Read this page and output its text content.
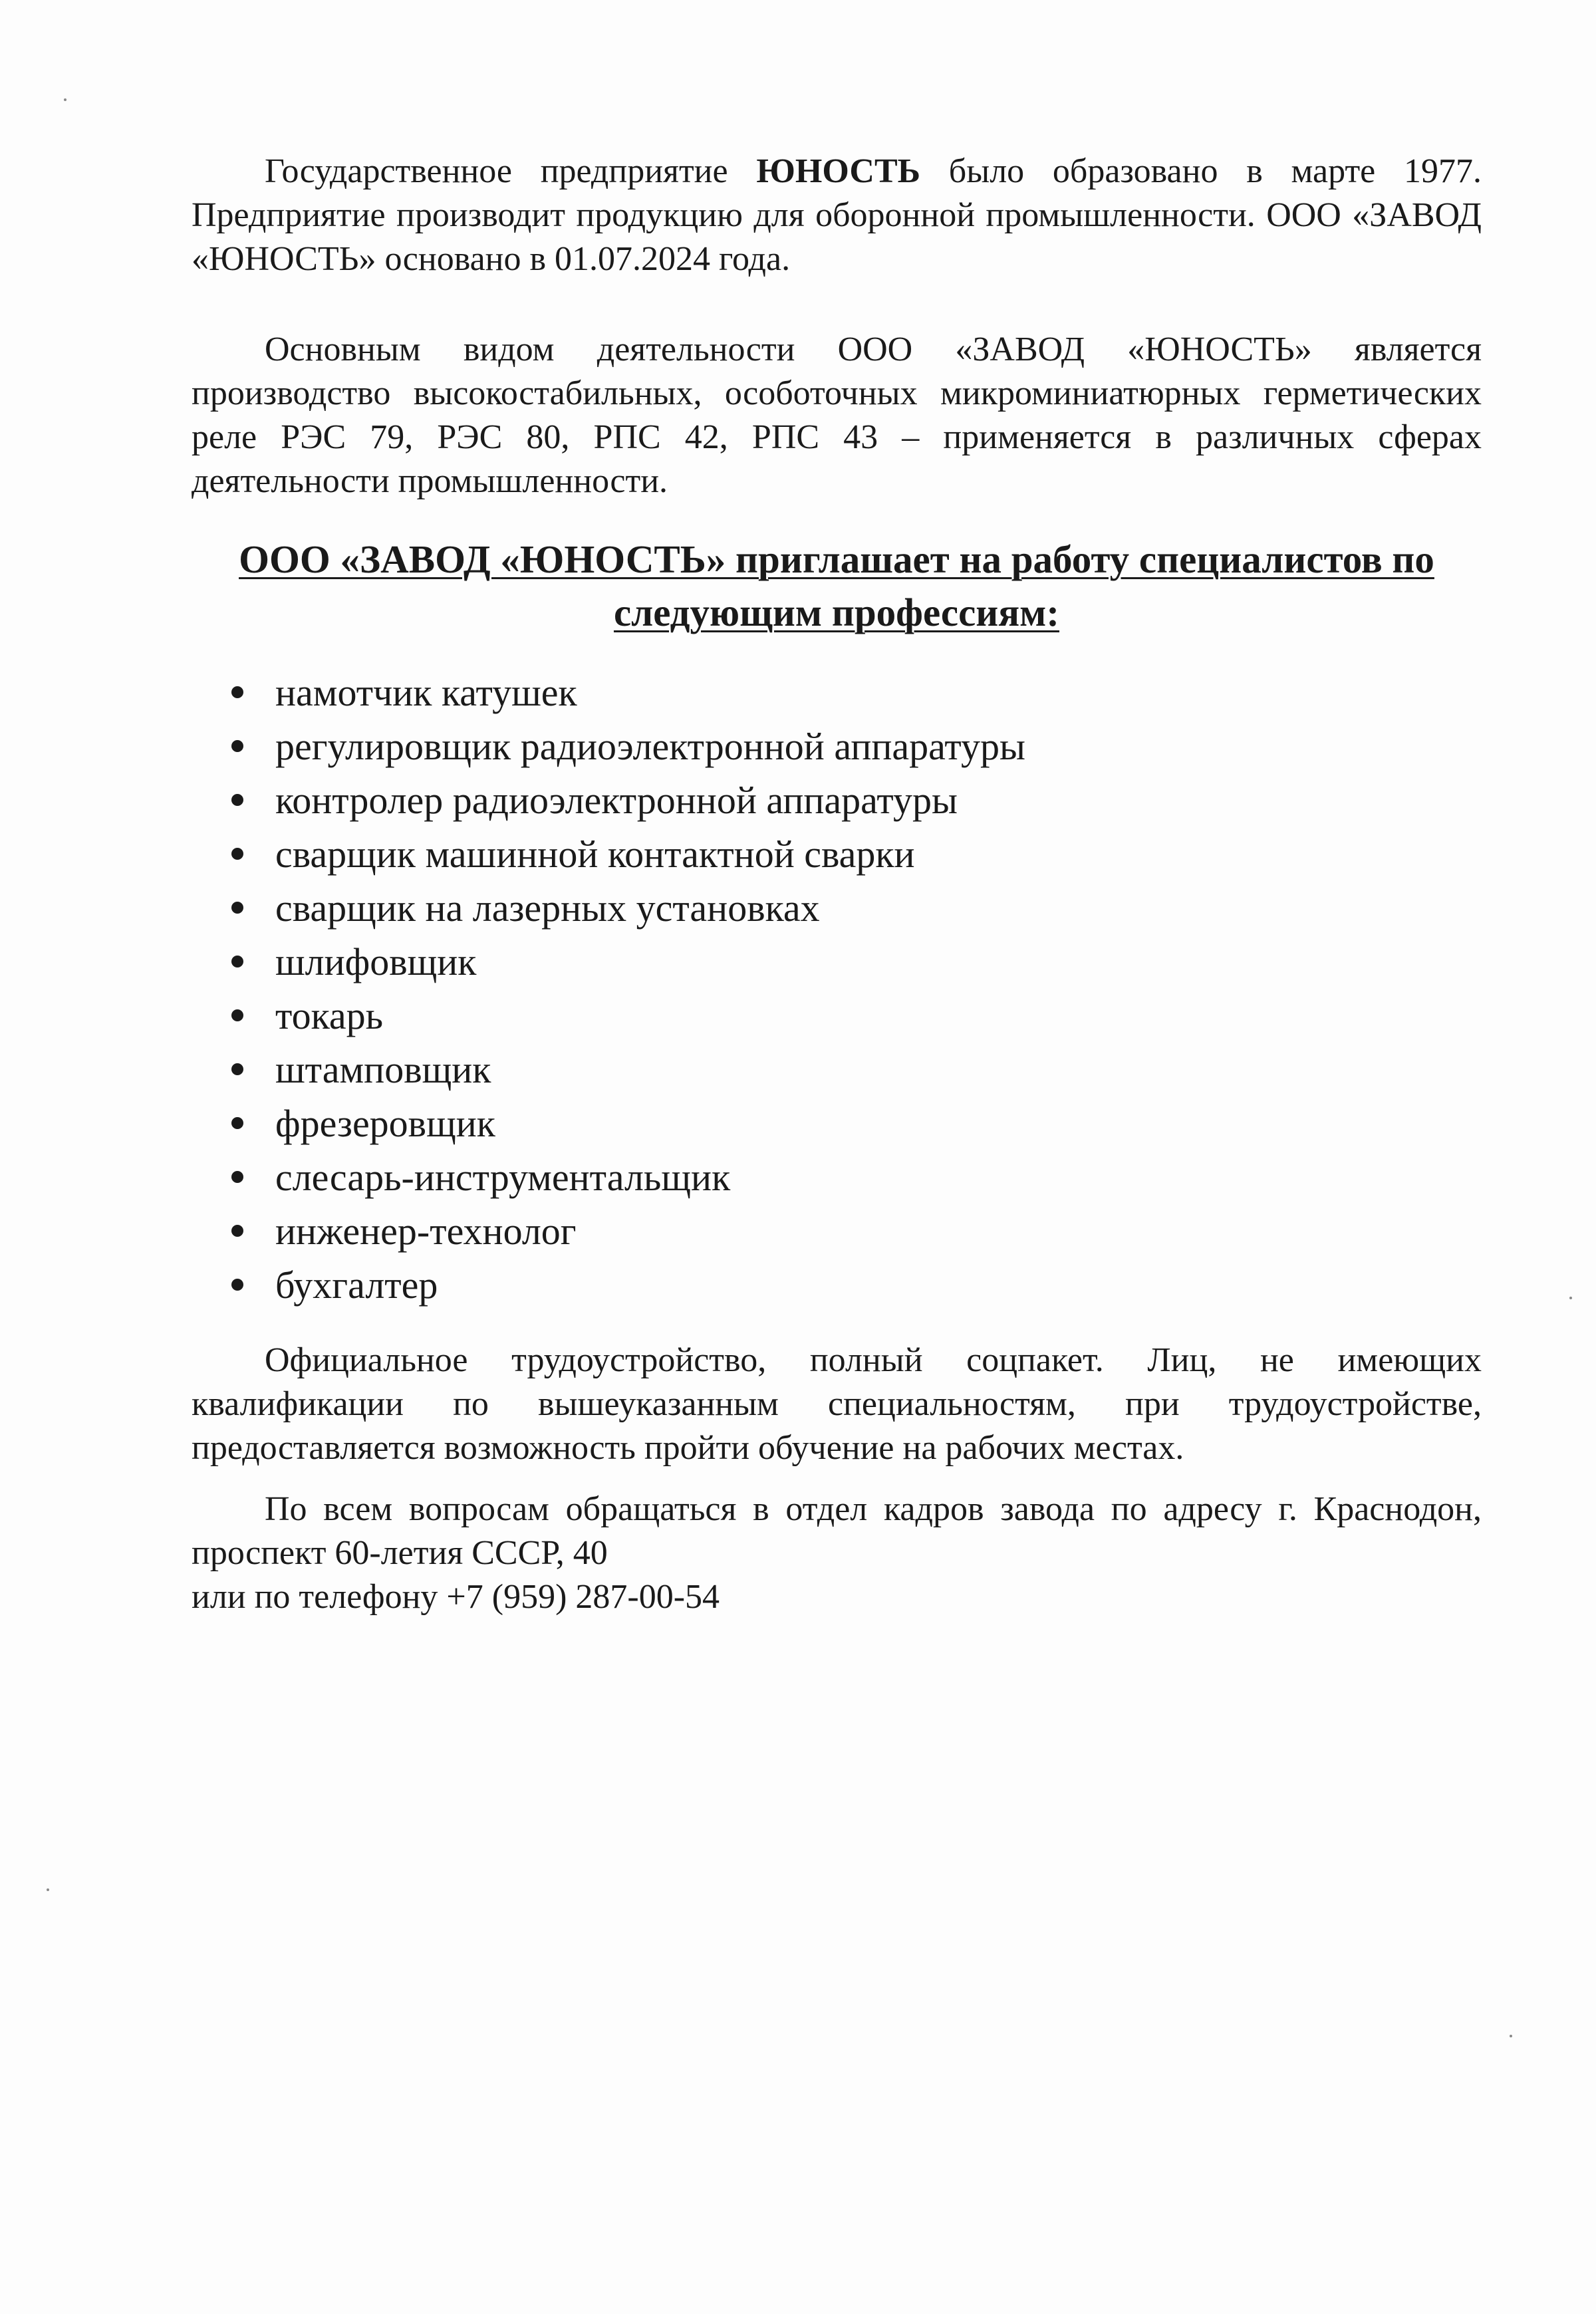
Государственное предприятие ЮНОСТЬ было образовано в марте 1977. Предприятие производит продукцию для оборонной промышленности. ООО «ЗАВОД «ЮНОСТЬ» основано в 01.07.2024 года.

Основным видом деятельности ООО «ЗАВОД «ЮНОСТЬ» является производство высокостабильных, особоточных микроминиатюрных герметических реле РЭС 79, РЭС 80, РПС 42, РПС 43 – применяется в различных сферах деятельности промышленности.

ООО «ЗАВОД «ЮНОСТЬ» приглашает на работу специалистов по следующим профессиям:
намотчик катушек
регулировщик радиоэлектронной аппаратуры
контролер радиоэлектронной аппаратуры
сварщик машинной контактной сварки
сварщик на лазерных установках
шлифовщик
токарь
штамповщик
фрезеровщик
слесарь-инструментальщик
инженер-технолог
бухгалтер

Официальное трудоустройство, полный соцпакет. Лиц, не имеющих квалификации по вышеуказанным специальностям, при трудоустройстве, предоставляется возможность пройти обучение на рабочих местах.

По всем вопросам обращаться в отдел кадров завода по адресу г. Краснодон, проспект 60-летия СССР, 40

или по телефону +7 (959) 287-00-54
